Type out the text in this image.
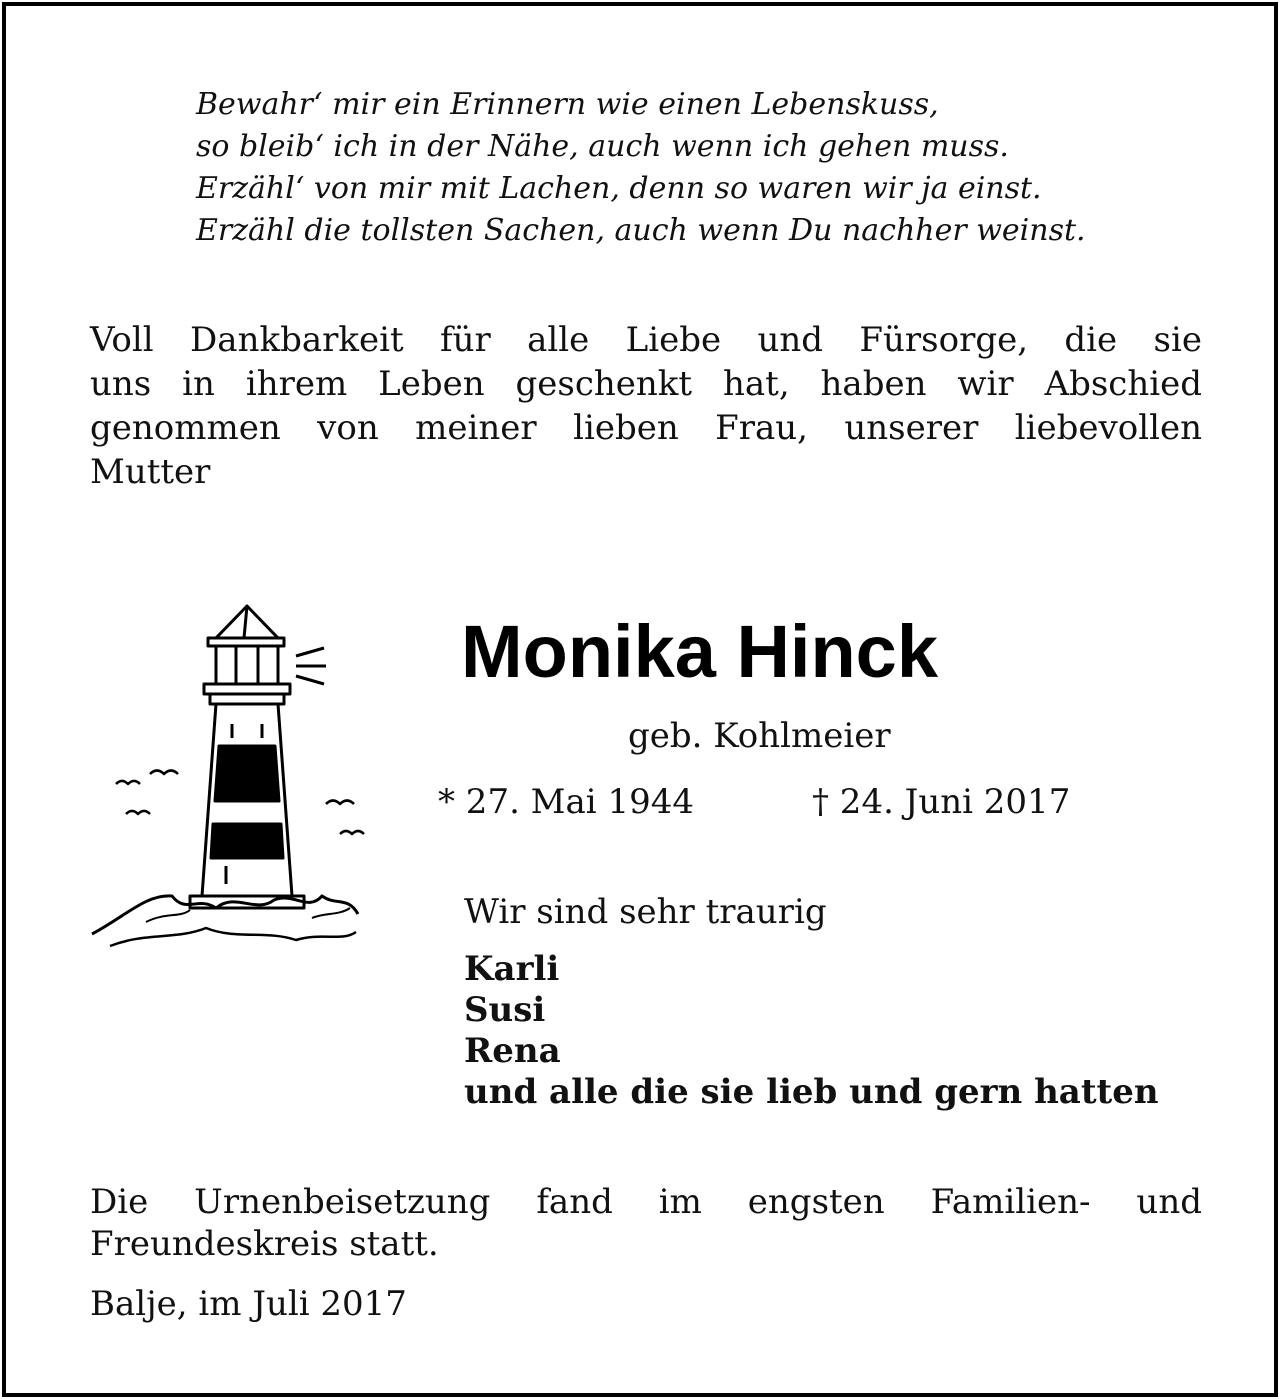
Bewahr‘ mir ein Erinnern wie einen Lebenskuss,
so bleib‘ ich in der Nähe, auch wenn ich gehen muss.
Erzähl‘ von mir mit Lachen, denn so waren wir ja einst.
Erzähl die tollsten Sachen, auch wenn Du nachher weinst.
Voll Dankbarkeit für alle Liebe und Fürsorge, die sie
uns in ihrem Leben geschenkt hat, haben wir Abschied
genommen von meiner lieben Frau, unserer liebevollen
Mutter
Monika Hinck
geb. Kohlmeier
* 27. Mai 1944	† 24. Juni 2017
Wir sind sehr traurig
Karli
Susi
Rena
und alle die sie lieb und gern hatten
Die Urnenbeisetzung fand im engsten Familien- und
Freundeskreis statt.
Balje, im Juli 2017
